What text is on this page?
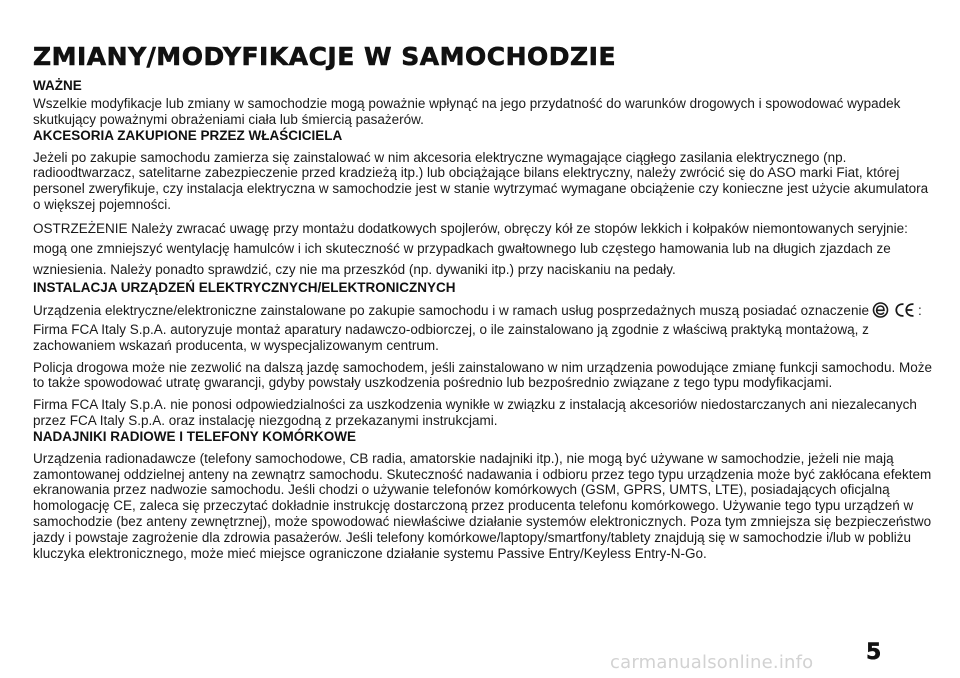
ZMIANY/MODYFIKACJE W SAMOCHODZIE
WAŻNE

Wszelkie modyfikacje lub zmiany w samochodzie mogą poważnie wpłynąć na jego przydatność do warunków drogowych i spowodować wypadek skutkujący poważnymi obrażeniami ciała lub śmiercią pasażerów.

AKCESORIA ZAKUPIONE PRZEZ WŁAŚCICIELA

Jeżeli po zakupie samochodu zamierza się zainstalować w nim akcesoria elektryczne wymagające ciągłego zasilania elektrycznego (np. radioodtwarzacz, satelitarne zabezpieczenie przed kradzieżą itp.) lub obciążające bilans elektryczny, należy zwrócić się do ASO marki Fiat, której personel zweryfikuje, czy instalacja elektryczna w samochodzie jest w stanie wytrzymać wymagane obciążenie czy konieczne jest użycie akumulatora o większej pojemności.

OSTRZEŻENIE Należy zwracać uwagę przy montażu dodatkowych spojlerów, obręczy kół ze stopów lekkich i kołpaków niemontowanych seryjnie: mogą one zmniejszyć wentylację hamulców i ich skuteczność w przypadkach gwałtownego lub częstego hamowania lub na długich zjazdach ze wzniesienia. Należy ponadto sprawdzić, czy nie ma przeszkód (np. dywaniki itp.) przy naciskaniu na pedały.

INSTALACJA URZĄDZEŃ ELEKTRYCZNYCH/ELEKTRONICZNYCH

Urządzenia elektryczne/elektroniczne zainstalowane po zakupie samochodu i w ramach usług posprzedażnych muszą posiadać oznaczenie	: Firma FCA Italy S.p.A. autoryzuje montaż aparatury nadawczo-odbiorczej, o ile zainstalowano ją zgodnie z właściwą praktyką montażową, z zachowaniem wskazań producenta, w wyspecjalizowanym centrum.

Policja drogowa może nie zezwolić na dalszą jazdę samochodem, jeśli zainstalowano w nim urządzenia powodujące zmianę funkcji samochodu. Może to także spowodować utratę gwarancji, gdyby powstały uszkodzenia pośrednio lub bezpośrednio związane z tego typu modyfikacjami.

Firma FCA Italy S.p.A. nie ponosi odpowiedzialności za uszkodzenia wynikłe w związku z instalacją akcesoriów niedostarczanych ani niezalecanych przez FCA Italy S.p.A. oraz instalację niezgodną z przekazanymi instrukcjami.

NADAJNIKI RADIOWE I TELEFONY KOMÓRKOWE

Urządzenia radionadawcze (telefony samochodowe, CB radia, amatorskie nadajniki itp.), nie mogą być używane w samochodzie, jeżeli nie mają zamontowanej oddzielnej anteny na zewnątrz samochodu. Skuteczność nadawania i odbioru przez tego typu urządzenia może być zakłócana efektem ekranowania przez nadwozie samochodu. Jeśli chodzi o używanie telefonów komórkowych (GSM, GPRS, UMTS, LTE), posiadających oficjalną homologację CE, zaleca się przeczytać dokładnie instrukcję dostarczoną przez producenta telefonu komórkowego. Używanie tego typu urządzeń w samochodzie (bez anteny zewnętrznej), może spowodować niewłaściwe działanie systemów elektronicznych. Poza tym zmniejsza się bezpieczeństwo jazdy i powstaje zagrożenie dla zdrowia pasażerów. Jeśli telefony komórkowe/laptopy/smartfony/tablety znajdują się w samochodzie i/lub w pobliżu kluczyka elektronicznego, może mieć miejsce ograniczone działanie systemu Passive Entry/Keyless Entry-N-Go.

5
carmanualsonline.info
